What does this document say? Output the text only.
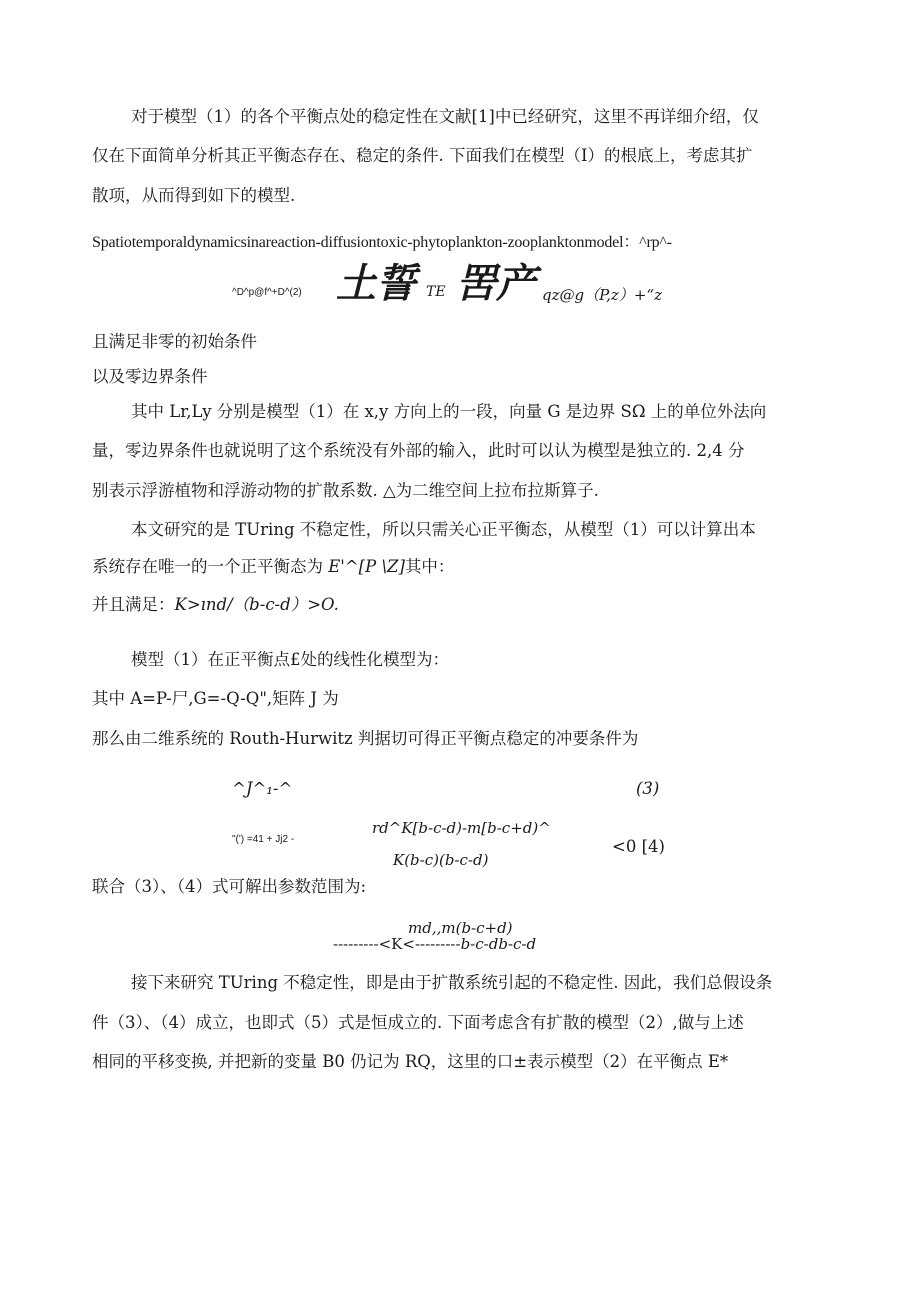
对于模型（1）的各个平衡点处的稳定性在文献[1]中已经研究，这里不再详细介绍，仅
仅在下面简单分析其正平衡态存在、稳定的条件. 下面我们在模型（I）的根底上，考虑其扩
散项，从而得到如下的模型.
Spatiotemporaldynamicsinareaction-diffusiontoxic-phytoplankton-zooplanktonmodel：^rp^-
^D^p@f^+D^(2) 土誓 TE 罟产 qz@g（P,z）+“z
且满足非零的初始条件
以及零边界条件
其中 Lr,Ly 分别是模型（1）在 x,y 方向上的一段，向量 G 是边界 SΩ 上的单位外法向
量，零边界条件也就说明了这个系统没有外部的输入，此时可以认为模型是独立的. 2,4 分
别表示浮游植物和浮游动物的扩散系数. △为二维空间上拉布拉斯算子.
本文研究的是 TUring 不稳定性，所以只需关心正平衡态，从模型（1）可以计算出本
系统存在唯一的一个正平衡态为 E'^[P \Z]其中：
并且满足：K>ınd/（b-c-d）>O.
模型（1）在正平衡点£处的线性化模型为：
其中 A=P-尸,G=-Q-Q",矩阵 J 为
那么由二维系统的 Routh-Hurwitz 判据切可得正平衡点稳定的冲要条件为
^J^₁-^	(3)
"(') =41 + Jj2 -
rd^K[b-c-d)-m[b-c+d)^
K(b-c)(b-c-d)
<0 [4)
联合（3）、（4）式可解出参数范围为:
md,,m(b-c+d)
---------<K<---------b-c-db-c-d
接下来研究 TUring 不稳定性，即是由于扩散系统引起的不稳定性. 因此，我们总假设条
件（3）、（4）成立，也即式（5）式是恒成立的. 下面考虑含有扩散的模型（2）,做与上述
相同的平移变换, 并把新的变量 B0 仍记为 RQ，这里的口±表示模型（2）在平衡点 E*
